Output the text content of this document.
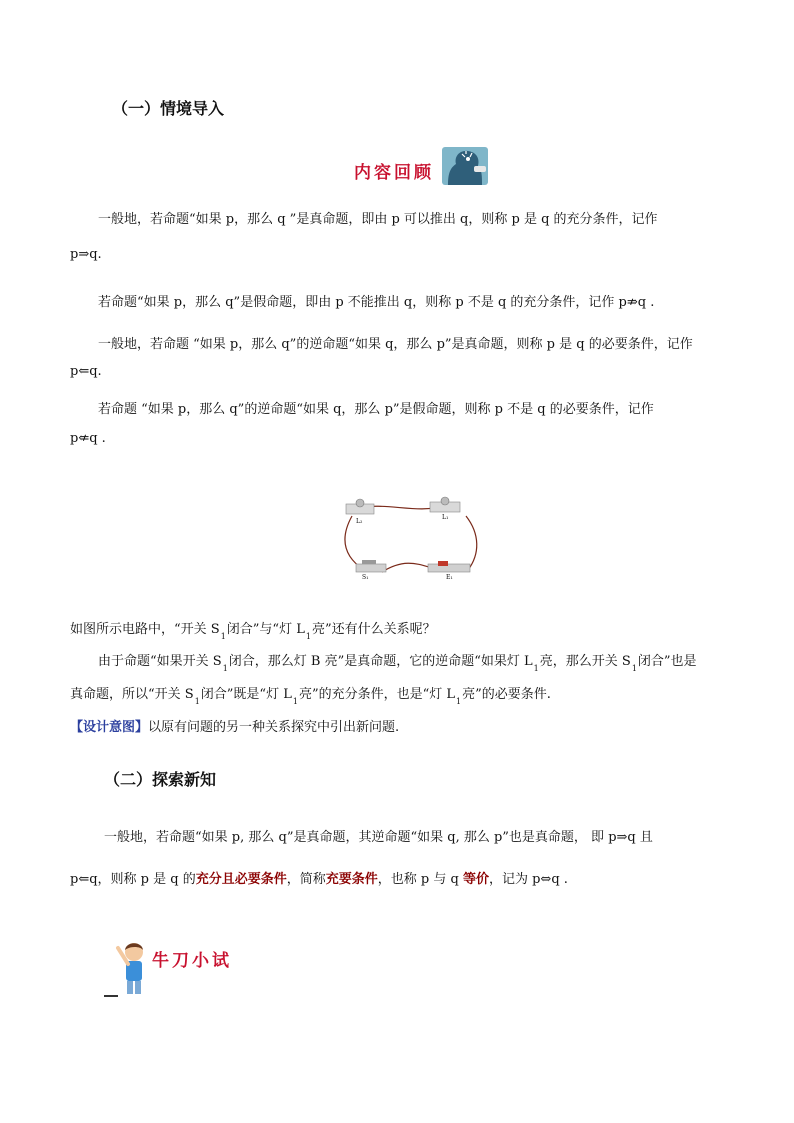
（一）情境导入
内容回顾
一般地，若命题“如果 p，那么 q ”是真命题，即由 p 可以推出 q，则称 p 是 q 的充分条件，记作
p⇒q.
若命题“如果 p，那么 q”是假命题，即由 p 不能推出 q，则称 p 不是 q 的充分条件，记作 p⇏q .
一般地，若命题 “如果 p，那么 q”的逆命题“如果 q，那么 p”是真命题，则称 p 是 q 的必要条件，记作
p⇐q.
若命题 “如果 p，那么 q”的逆命题“如果 q，那么 p”是假命题，则称 p 不是 q 的必要条件，记作
p⇍q .
L₂
L₁
S₁	E₁
如图所示电路中，“开关 $S_1$闭合”与“灯 $L_1$亮”还有什么关系呢？
由于命题“如果开关 $S_1$闭合，那么灯 B 亮”是真命题，它的逆命题“如果灯 $L_1$亮，那么开关 $S_1$闭合”也是
真命题，所以“开关 $S_1$闭合”既是“灯 $L_1$亮”的充分条件，也是“灯 $L_1$亮”的必要条件.
【设计意图】以原有问题的另一种关系探究中引出新问题.
（二）探索新知
一般地，若命题“如果 p, 那么 q”是真命题，其逆命题“如果 q, 那么 p”也是真命题， 即 p⇒q 且
p⇐q，则称 p 是 q 的充分且必要条件，简称充要条件，也称 p 与 q 等价，记为 p⇔q .
牛刀小试
